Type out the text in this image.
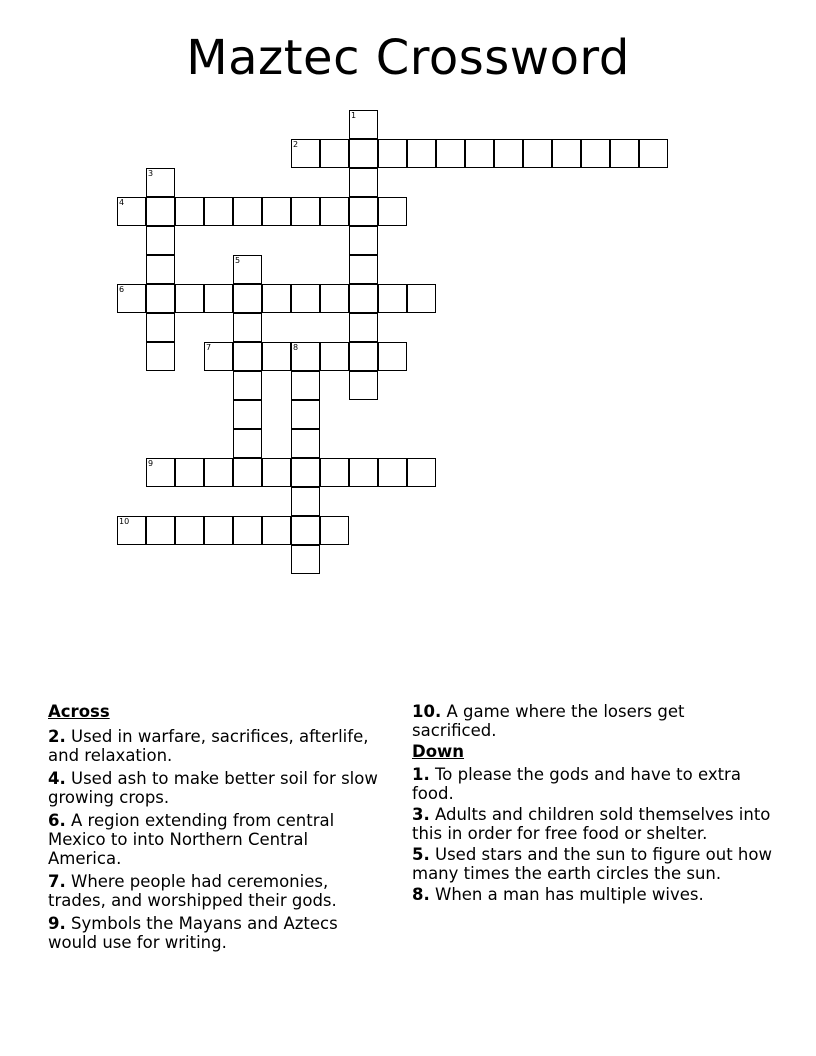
Maztec Crossword
1
2
3
4
5
6
7	8
9
10
Across
2. Used in warfare, sacrifices, afterlife, and relaxation.
4. Used ash to make better soil for slow growing crops.
6. A region extending from central Mexico to into Northern Central America.
7. Where people had ceremonies, trades, and worshipped their gods.
9. Symbols the Mayans and Aztecs would use for writing.
10. A game where the losers get sacrificed.
Down
1. To please the gods and have to extra food.
3. Adults and children sold themselves into this in order for free food or shelter.
5. Used stars and the sun to figure out how many times the earth circles the sun.
8. When a man has multiple wives.
